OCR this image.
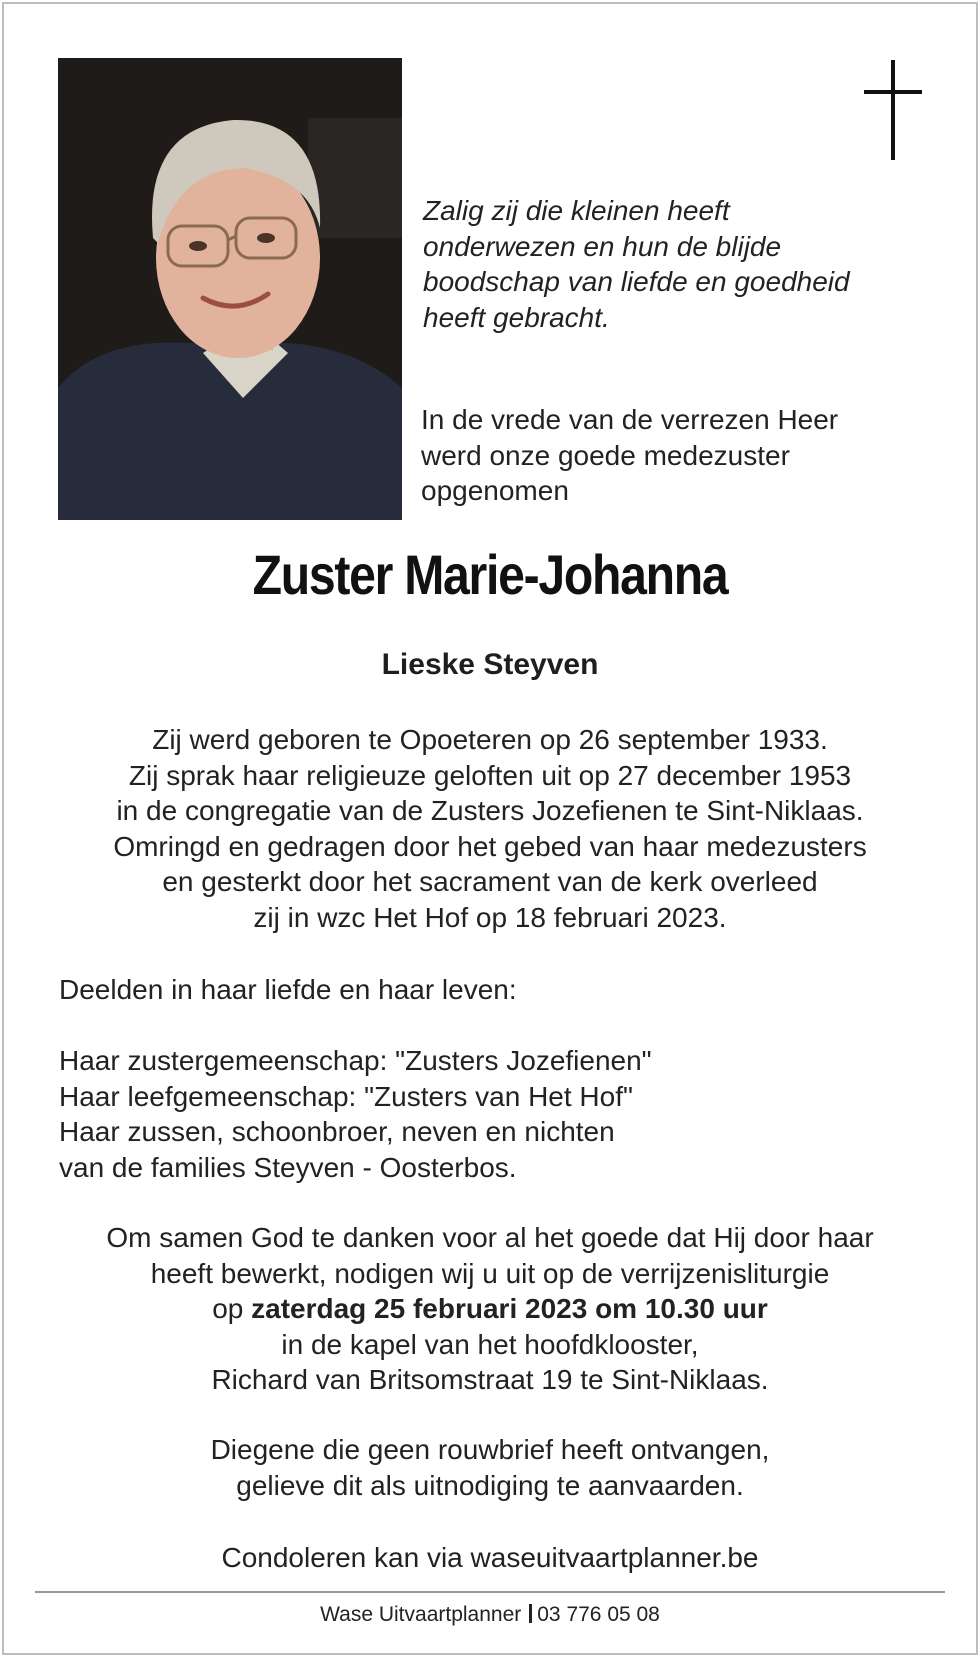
Zalig zij die kleinen heeft
onderwezen en hun de blijde
boodschap van liefde en goedheid
heeft gebracht.

In de vrede van de verrezen Heer
werd onze goede medezuster
opgenomen

Zuster Marie-Johanna
Lieske Steyven

Zij werd geboren te Opoeteren op 26 september 1933.
Zij sprak haar religieuze geloften uit op 27 december 1953
in de congregatie van de Zusters Jozefienen te Sint-Niklaas.
Omringd en gedragen door het gebed van haar medezusters
en gesterkt door het sacrament van de kerk overleed
zij in wzc Het Hof op 18 februari 2023.

Deelden in haar liefde en haar leven:

Haar zustergemeenschap: "Zusters Jozefienen"
Haar leefgemeenschap: "Zusters van Het Hof"
Haar zussen, schoonbroer, neven en nichten
van de families Steyven - Oosterbos.

Om samen God te danken voor al het goede dat Hij door haar
heeft bewerkt, nodigen wij u uit op de verrijzenisliturgie
op zaterdag 25 februari 2023 om 10.30 uur
in de kapel van het hoofdklooster,
Richard van Britsomstraat 19 te Sint-Niklaas.

Diegene die geen rouwbrief heeft ontvangen,
gelieve dit als uitnodiging te aanvaarden.

Condoleren kan via waseuitvaartplanner.be

Wase Uitvaartplanner 03 776 05 08
